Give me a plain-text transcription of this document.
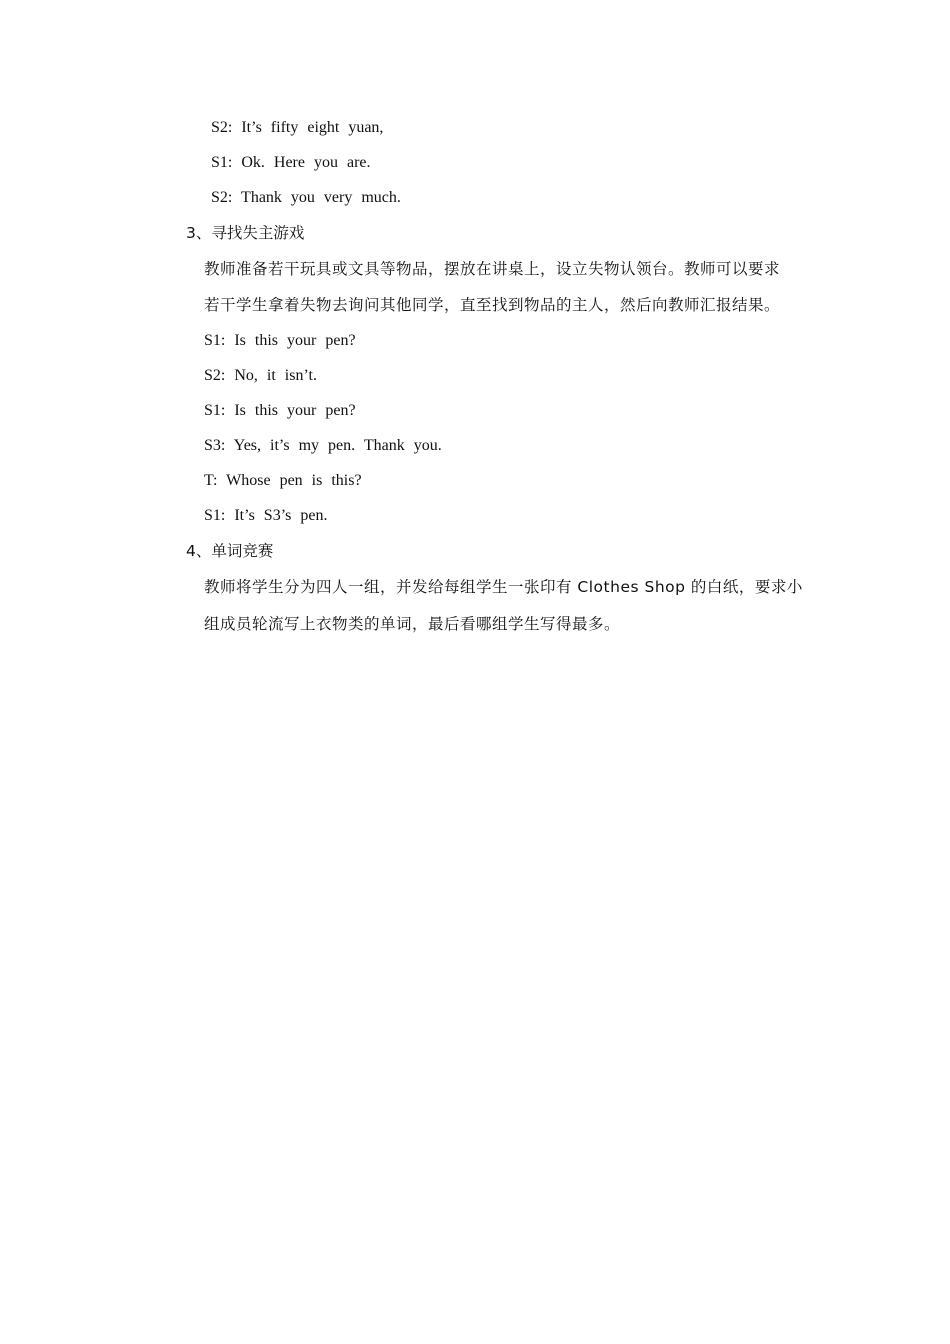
S2: It’s fifty eight yuan,
S1: Ok. Here you are.
S2: Thank you very much.
3、寻找失主游戏
教师准备若干玩具或文具等物品，摆放在讲桌上，设立失物认领台。教师可以要求
若干学生拿着失物去询问其他同学，直至找到物品的主人，然后向教师汇报结果。
S1: Is this your pen?
S2: No, it isn’t.
S1: Is this your pen?
S3: Yes, it’s my pen. Thank you.
T: Whose pen is this?
S1: It’s S3’s pen.
4、单词竞赛
教师将学生分为四人一组，并发给每组学生一张印有 Clothes Shop 的白纸，要求小
组成员轮流写上衣物类的单词，最后看哪组学生写得最多。
